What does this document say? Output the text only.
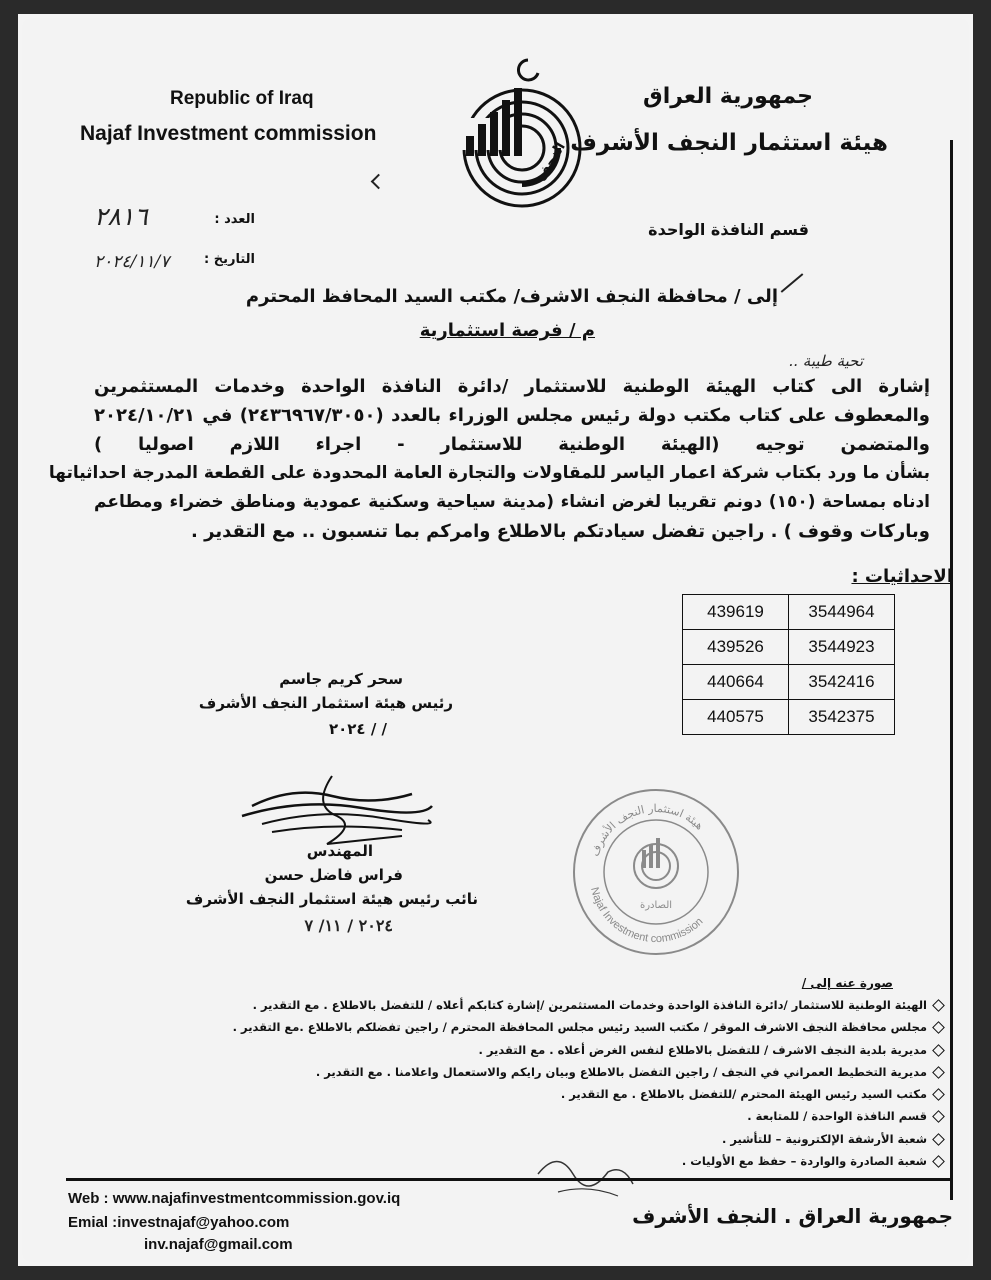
Republic of Iraq
Najaf Investment commission
النجف
جمهورية العراق
هيئة استثمار النجف الأشرف
قسم النافذة الواحدة
العدد :
٢٨١٦
التاريخ :
٢٠٢٤/١١/٧
إلى / محافظة النجف الاشرف/ مكتب السيد المحافظ المحترم
م / فرصة استثمارية
تحية طيبة ..
إشارة الى كتاب الهيئة الوطنية للاستثمار /دائرة النافذة الواحدة وخدمات المستثمرين
والمعطوف على كتاب مكتب دولة رئيس مجلس الوزراء بالعدد (٢٤٣٦٩٦٧/٣٠٥٠) في ٢٠٢٤/١٠/٢١
والمتضمن توجيه (الهيئة الوطنية للاستثمار - اجراء اللازم اصوليا )
بشأن ما ورد بكتاب شركة اعمار الياسر للمقاولات والتجارة العامة المحدودة على القطعة المدرجة احداثياتها
ادناه بمساحة (١٥٠) دونم تقريبا لغرض انشاء (مدينة سياحية وسكنية عمودية ومناطق خضراء ومطاعم
وباركات وقوف ) . راجين تفضل سيادتكم بالاطلاع وامركم بما تنسبون .. مع التقدير .
الاحداثيات :
439619	3544964
439526	3544923
440664	3542416
440575	3542375
سحر كريم جاسم
رئيس هيئة استثمار النجف الأشرف
/ / ٢٠٢٤
المهندس
فراس فاضل حسن
نائب رئيس هيئة استثمار النجف الأشرف
٢٠٢٤ / ١١/ ٧
هيئة استثمار النجف الأشرف
Najaf Investment commission
الصادرة
صورة عنه إلى /
الهيئة الوطنية للاستثمار /دائرة النافذة الواحدة وخدمات المستثمرين /إشارة كتابكم أعلاه / للتفضل بالاطلاع . مع التقدير .
مجلس محافظة النجف الاشرف الموقر / مكتب السيد رئيس مجلس المحافظة المحترم / راجين تفضلكم بالاطلاع .مع التقدير .
مديرية بلدية النجف الاشرف / للتفضل بالاطلاع لنفس الغرض أعلاه . مع التقدير .
مديرية التخطيط العمراني في النجف / راجين التفضل بالاطلاع وبيان رايكم والاستعمال واعلامنا . مع التقدير .
مكتب السيد رئيس الهيئة المحترم /للتفضل بالاطلاع . مع التقدير .
قسم النافذة الواحدة / للمتابعة .
شعبة الأرشفة الإلكترونية – للتأشير .
شعبة الصادرة والواردة – حفظ مع الأوليات .
Web : www.najafinvestmentcommission.gov.iq
Emial :investnajaf@yahoo.com
inv.najaf@gmail.com
جمهورية العراق . النجف الأشرف
